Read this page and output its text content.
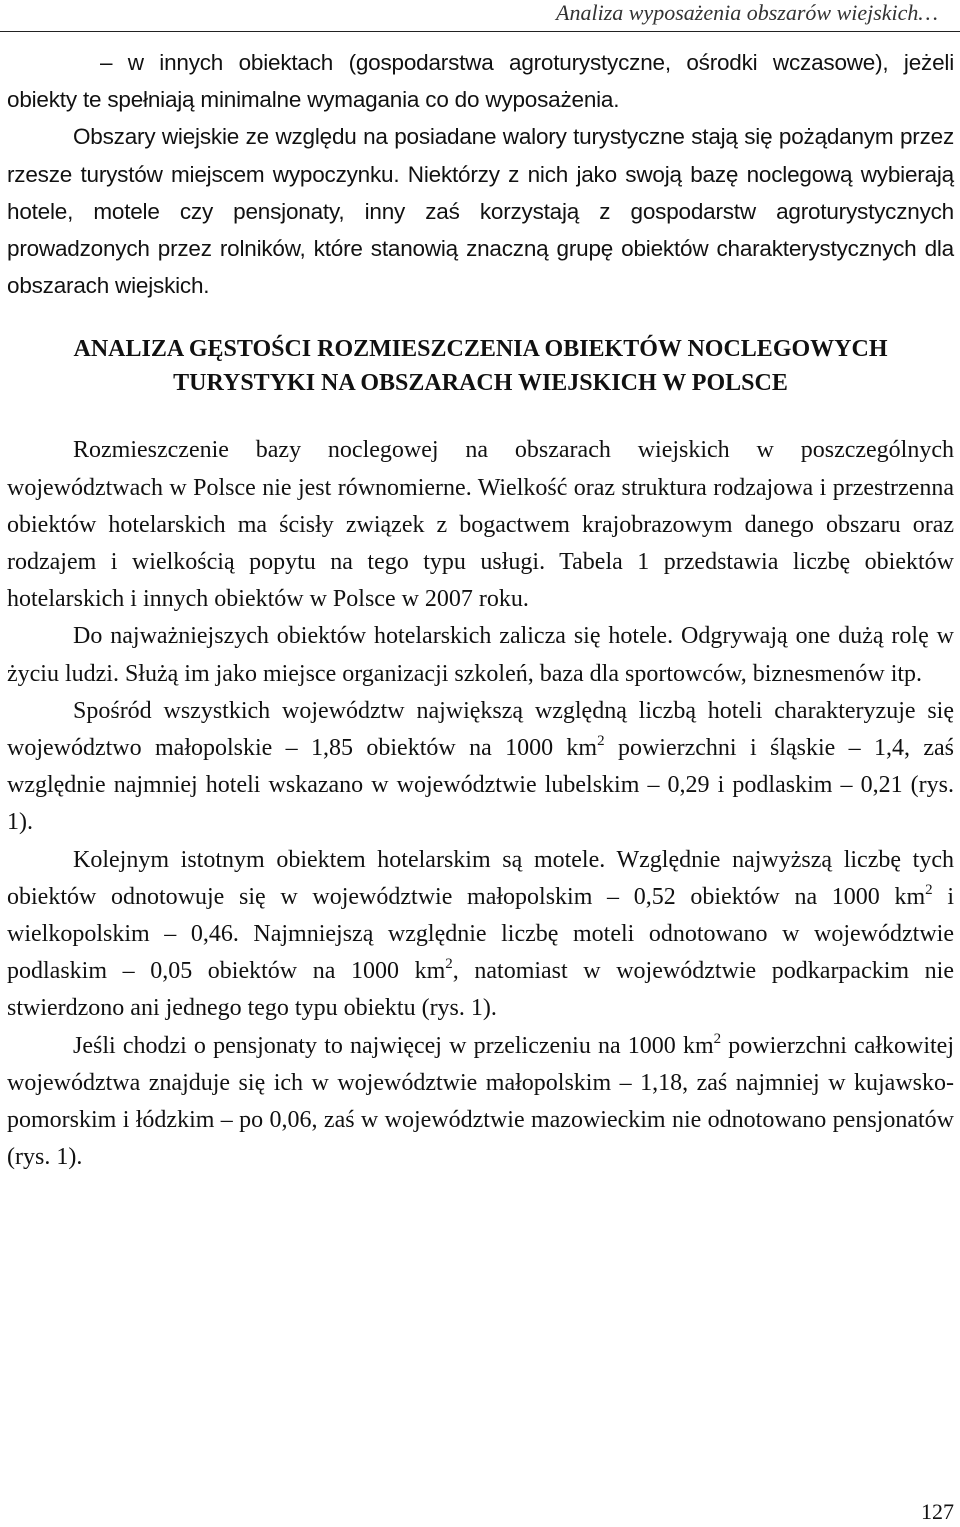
Analiza wyposażenia obszarów wiejskich…

– w innych obiektach (gospodarstwa agroturystyczne, ośrodki wczasowe), jeżeli obiekty te spełniają minimalne wymagania co do wyposażenia.

Obszary wiejskie ze względu na posiadane walory turystyczne stają się pożądanym przez rzesze turystów miejscem wypoczynku. Niektórzy z nich jako swoją bazę noclegową wybierają hotele, motele czy pensjonaty, inny zaś korzystają z gospodarstw agroturystycznych prowadzonych przez rolników, które stanowią znaczną grupę obiektów charakterystycznych dla obszarach wiejskich.

ANALIZA GĘSTOŚCI ROZMIESZCZENIA OBIEKTÓW NOCLEGOWYCH
TURYSTYKI NA OBSZARACH WIEJSKICH W POLSCE

Rozmieszczenie bazy noclegowej na obszarach wiejskich w poszczególnych województwach w Polsce nie jest równomierne. Wielkość oraz struktura rodzajowa i przestrzenna obiektów hotelarskich ma ścisły związek z bogactwem krajobrazowym danego obszaru oraz rodzajem i wielkością popytu na tego typu usługi. Tabela 1 przedstawia liczbę obiektów hotelarskich i innych obiektów w Polsce w 2007 roku.

Do najważniejszych obiektów hotelarskich zalicza się hotele. Odgrywają one dużą rolę w życiu ludzi. Służą im jako miejsce organizacji szkoleń, baza dla sportowców, biznesmenów itp.

Spośród wszystkich województw największą względną liczbą hoteli charakteryzuje się województwo małopolskie – 1,85 obiektów na 1000 $km^2$ powierzchni i śląskie – 1,4, zaś względnie najmniej hoteli wskazano w województwie lubelskim – 0,29 i podlaskim – 0,21 (rys. 1).

Kolejnym istotnym obiektem hotelarskim są motele. Względnie najwyższą liczbę tych obiektów odnotowuje się w województwie małopolskim – 0,52 obiektów na 1000 $km^2$ i wielkopolskim – 0,46. Najmniejszą względnie liczbę moteli odnotowano w województwie podlaskim – 0,05 obiektów na 1000 $km^2$, natomiast w województwie podkarpackim nie stwierdzono ani jednego tego typu obiektu (rys. 1).

Jeśli chodzi o pensjonaty to najwięcej w przeliczeniu na 1000 $km^2$ powierzchni całkowitej województwa znajduje się ich w województwie małopolskim – 1,18, zaś najmniej w kujawsko-pomorskim i łódzkim – po 0,06, zaś w województwie mazowieckim nie odnotowano pensjonatów (rys. 1).

127
